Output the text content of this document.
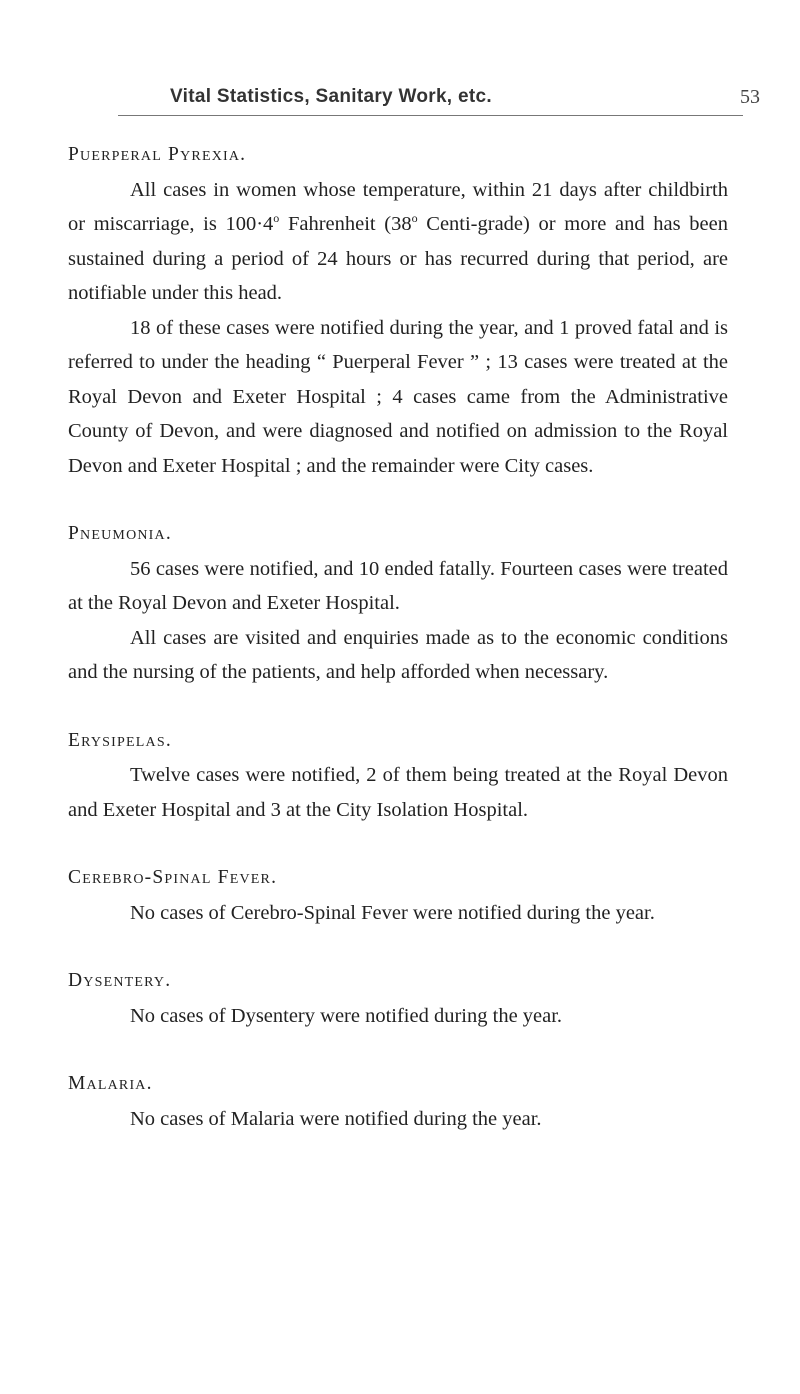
Vital Statistics, Sanitary Work, etc.	53
Puerperal Pyrexia.

All cases in women whose temperature, within 21 days after childbirth or miscarriage, is $100\cdot 4^o$ Fahrenheit (38$^o$ Centi-grade) or more and has been sustained during a period of 24 hours or has recurred during that period, are notifiable under this head.

18 of these cases were notified during the year, and 1 proved fatal and is referred to under the heading “ Puerperal Fever ” ; 13 cases were treated at the Royal Devon and Exeter Hospital ; 4 cases came from the Administrative County of Devon, and were diagnosed and notified on admission to the Royal Devon and Exeter Hospital ; and the remainder were City cases.

Pneumonia.

56 cases were notified, and 10 ended fatally. Fourteen cases were treated at the Royal Devon and Exeter Hospital.

All cases are visited and enquiries made as to the economic conditions and the nursing of the patients, and help afforded when necessary.

Erysipelas.

Twelve cases were notified, 2 of them being treated at the Royal Devon and Exeter Hospital and 3 at the City Isolation Hospital.

Cerebro-Spinal Fever.

No cases of Cerebro-Spinal Fever were notified during the year.

Dysentery.

No cases of Dysentery were notified during the year.

Malaria.

No cases of Malaria were notified during the year.
